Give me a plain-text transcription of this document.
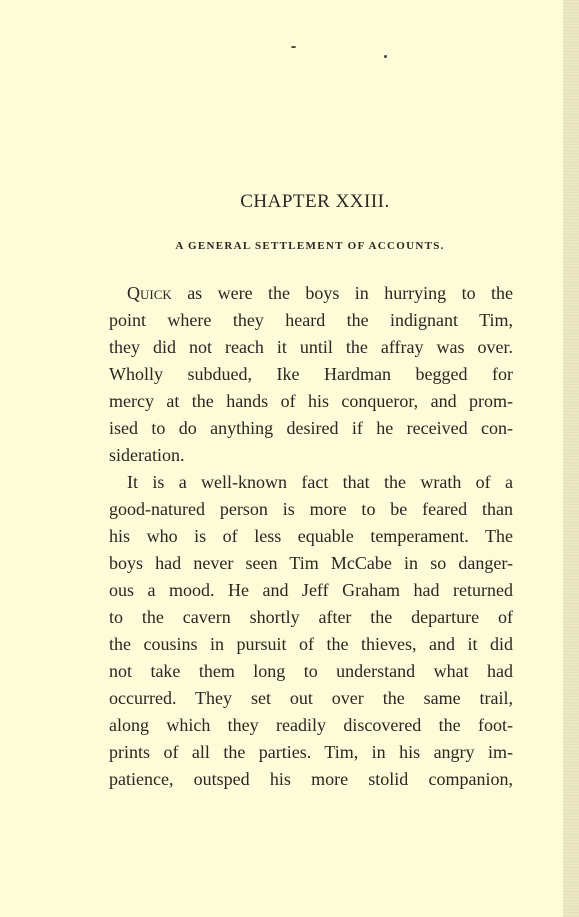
CHAPTER XXIII.
A GENERAL SETTLEMENT OF ACCOUNTS.
Quick as were the boys in hurrying to the
point where they heard the indignant Tim,
they did not reach it until the affray was over.
Wholly subdued, Ike Hardman begged for
mercy at the hands of his conqueror, and prom-
ised to do anything desired if he received con-
sideration.
It is a well-known fact that the wrath of a
good-natured person is more to be feared than
his who is of less equable temperament. The
boys had never seen Tim McCabe in so danger-
ous a mood. He and Jeff Graham had returned
to the cavern shortly after the departure of
the cousins in pursuit of the thieves, and it did
not take them long to understand what had
occurred. They set out over the same trail,
along which they readily discovered the foot-
prints of all the parties. Tim, in his angry im-
patience, outsped his more stolid companion,
